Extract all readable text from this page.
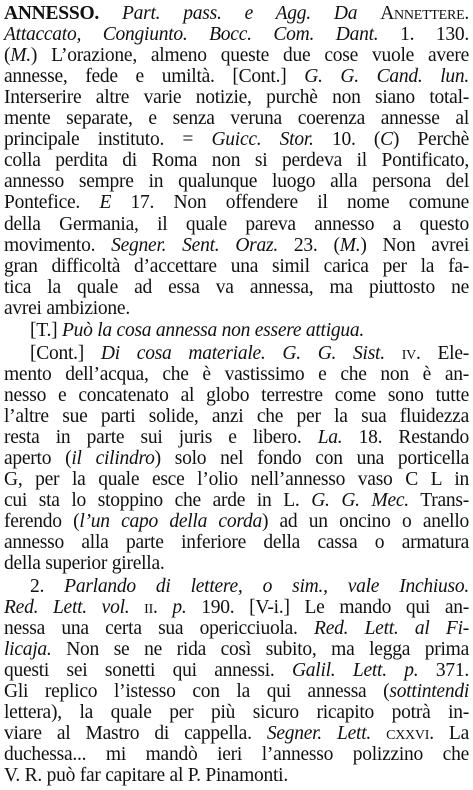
ANNESSO. Part. pass. e Agg. Da Annettere.
Attaccato, Congiunto. Bocc. Com. Dant. 1. 130.
(M.) L’orazione, almeno queste due cose vuole avere
annesse, fede e umiltà. [Cont.] G. G. Cand. lun.
Interserire altre varie notizie, purchè non siano total-
mente separate, e senza veruna coerenza annesse al
principale instituto. = Guicc. Stor. 10. (C) Perchè
colla perdita di Roma non si perdeva il Pontificato,
annesso sempre in qualunque luogo alla persona del
Pontefice. E 17. Non offendere il nome comune
della Germania, il quale pareva annesso a questo
movimento. Segner. Sent. Oraz. 23. (M.) Non avrei
gran difficoltà d’accettare una simil carica per la fa-
tica la quale ad essa va annessa, ma piuttosto ne
avrei ambizione.
[T.] Può la cosa annessa non essere attigua.
[Cont.] Di cosa materiale. G. G. Sist. iv. Ele-
mento dell’acqua, che è vastissimo e che non è an-
nesso e concatenato al globo terrestre come sono tutte
l’altre sue parti solide, anzi che per la sua fluidezza
resta in parte sui juris e libero. La. 18. Restando
aperto (il cilindro) solo nel fondo con una porticella
G, per la quale esce l’olio nell’annesso vaso C L in
cui sta lo stoppino che arde in L. G. G. Mec. Trans-
ferendo (l’un capo della corda) ad un oncino o anello
annesso alla parte inferiore della cassa o armatura
della superior girella.
2. Parlando di lettere, o sim., vale Inchiuso.
Red. Lett. vol. ii. p. 190. [V-i.] Le mando qui an-
nessa una certa sua opericciuola. Red. Lett. al Fi-
licaja. Non se ne rida così subito, ma legga prima
questi sei sonetti qui annessi. Galil. Lett. p. 371.
Gli replico l’istesso con la qui annessa (sottintendi
lettera), la quale per più sicuro ricapito potrà in-
viare al Mastro di cappella. Segner. Lett. cxxvi. La
duchessa... mi mandò ieri l’annesso polizzino che
V. R. può far capitare al P. Pinamonti.
